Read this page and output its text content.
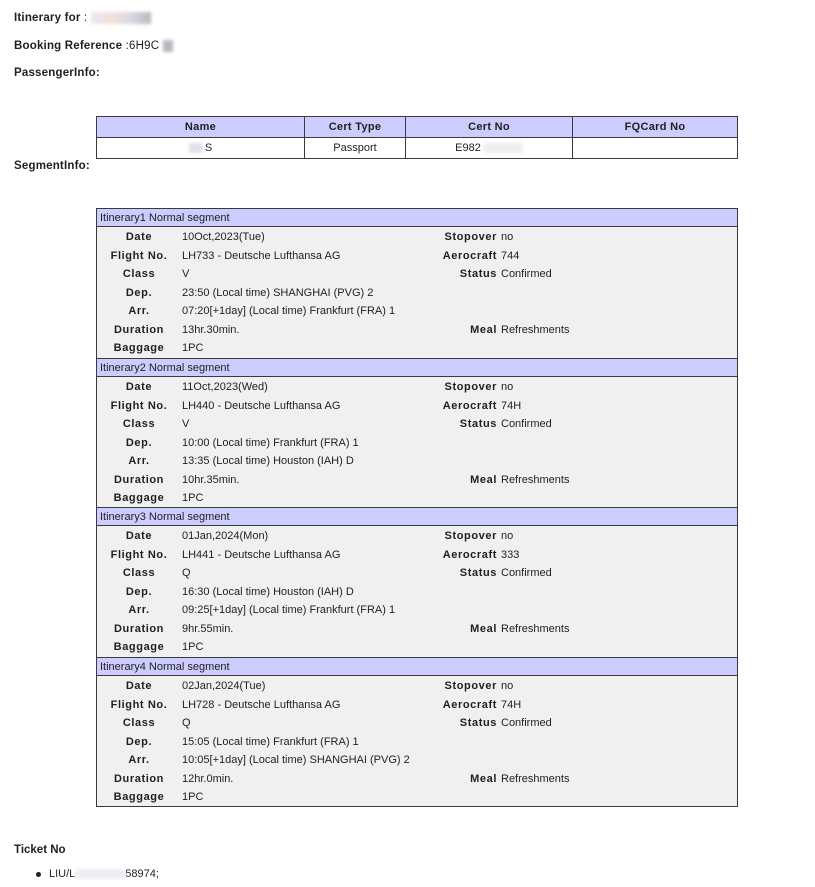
Itinerary for :
Booking Reference :6H9C
PassengerInfo:
Name	Cert Type	Cert No	FQCard No
S	Passport	E982	
SegmentInfo:
Itinerary1 Normal segment
Date	10Oct,2023(Tue)	Stopover no
Flight No.	LH733 - Deutsche Lufthansa AG	Aerocraft 744
Class	V	Status Confirmed
Dep.	23:50 (Local time) SHANGHAI (PVG) 2
Arr.	07:20[+1day] (Local time) Frankfurt (FRA) 1
Duration	13hr.30min.	Meal Refreshments
Baggage	1PC
Itinerary2 Normal segment
Date	11Oct,2023(Wed)	Stopover no
Flight No.	LH440 - Deutsche Lufthansa AG	Aerocraft 74H
Class	V	Status Confirmed
Dep.	10:00 (Local time) Frankfurt (FRA) 1
Arr.	13:35 (Local time) Houston (IAH) D
Duration	10hr.35min.	Meal Refreshments
Baggage	1PC
Itinerary3 Normal segment
Date	01Jan,2024(Mon)	Stopover no
Flight No.	LH441 - Deutsche Lufthansa AG	Aerocraft 333
Class	Q	Status Confirmed
Dep.	16:30 (Local time) Houston (IAH) D
Arr.	09:25[+1day] (Local time) Frankfurt (FRA) 1
Duration	9hr.55min.	Meal Refreshments
Baggage	1PC
Itinerary4 Normal segment
Date	02Jan,2024(Tue)	Stopover no
Flight No.	LH728 - Deutsche Lufthansa AG	Aerocraft 74H
Class	Q	Status Confirmed
Dep.	15:05 (Local time) Frankfurt (FRA) 1
Arr.	10:05[+1day] (Local time) SHANGHAI (PVG) 2
Duration	12hr.0min.	Meal Refreshments
Baggage	1PC
Ticket No
LIU/L	58974;
